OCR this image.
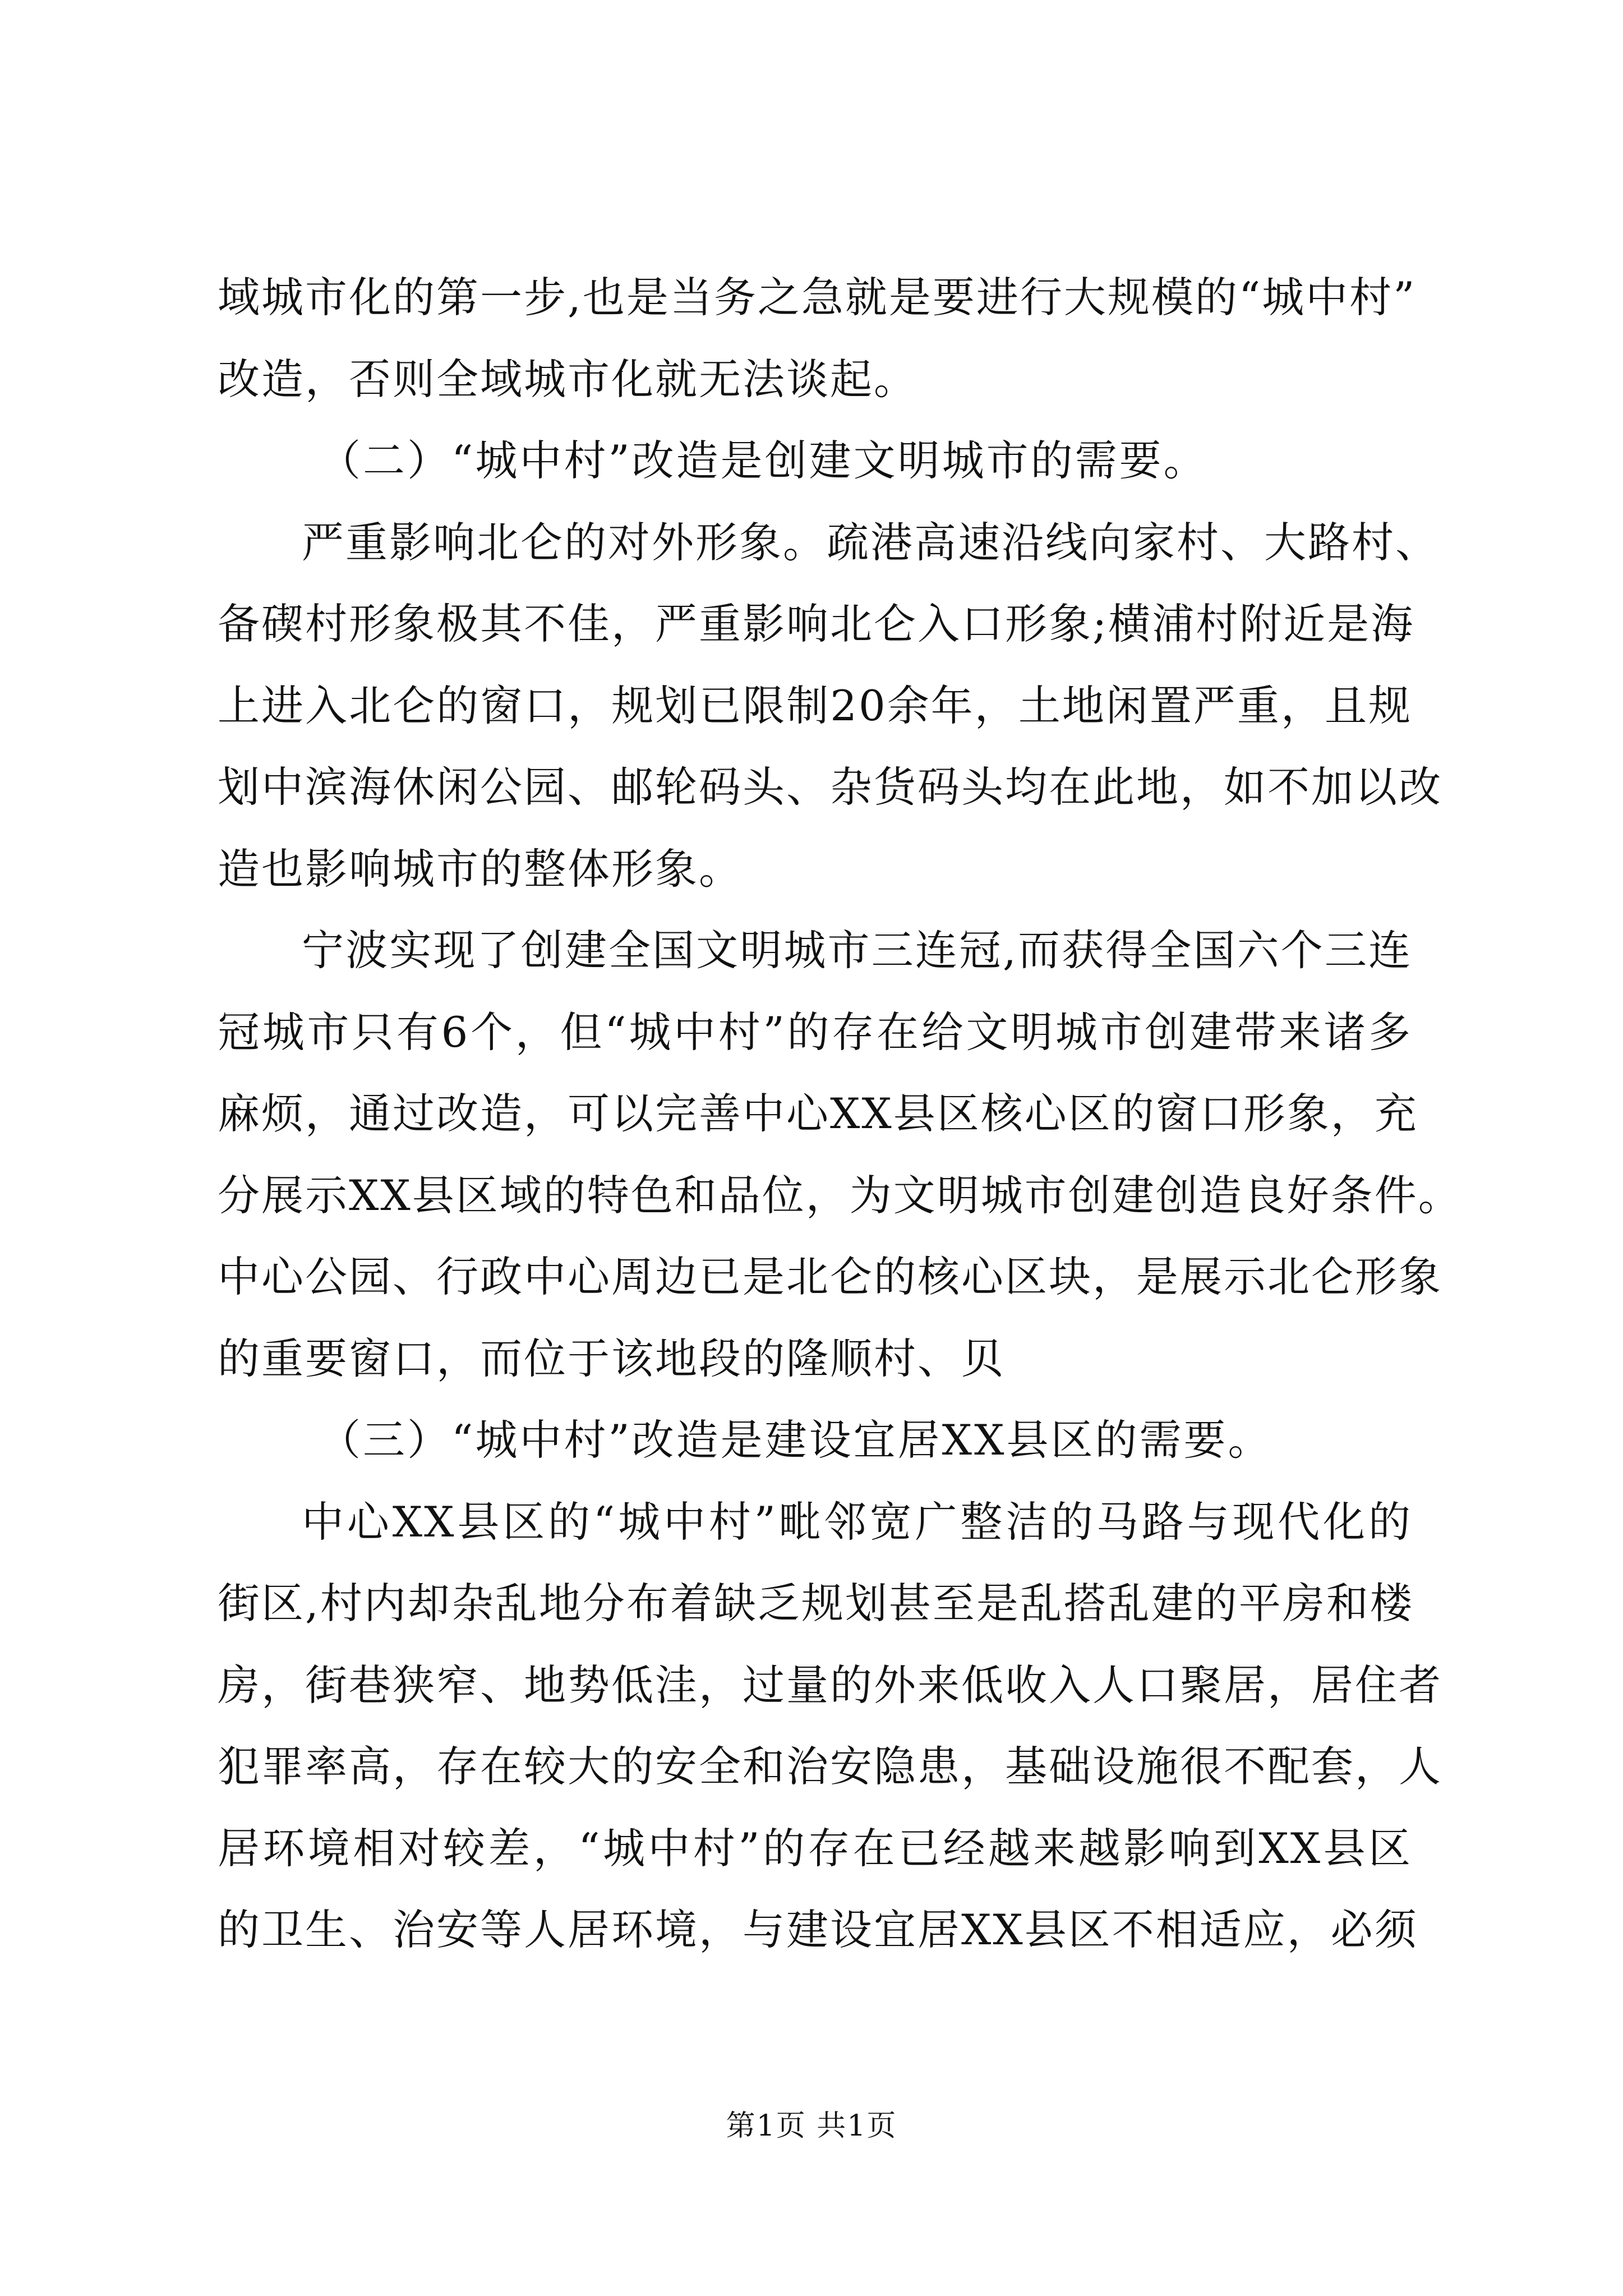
域城市化的第一步,也是当务之急就是要进行大规模的“城中村”
改造，否则全域城市化就无法谈起。
（二）“城中村”改造是创建文明城市的需要。
严重影响北仑的对外形象。疏港高速沿线向家村、大路村、
备碶村形象极其不佳，严重影响北仑入口形象;横浦村附近是海
上进入北仑的窗口，规划已限制20余年，土地闲置严重，且规
划中滨海休闲公园、邮轮码头、杂货码头均在此地，如不加以改
造也影响城市的整体形象。
宁波实现了创建全国文明城市三连冠,而获得全国六个三连
冠城市只有6个，但“城中村”的存在给文明城市创建带来诸多
麻烦，通过改造，可以完善中心XX县区核心区的窗口形象，充
分展示XX县区域的特色和品位，为文明城市创建创造良好条件。
中心公园、行政中心周边已是北仑的核心区块，是展示北仑形象
的重要窗口，而位于该地段的隆顺村、贝
（三）“城中村”改造是建设宜居XX县区的需要。
中心XX县区的“城中村”毗邻宽广整洁的马路与现代化的
街区,村内却杂乱地分布着缺乏规划甚至是乱搭乱建的平房和楼
房，街巷狭窄、地势低洼，过量的外来低收入人口聚居，居住者
犯罪率高，存在较大的安全和治安隐患，基础设施很不配套，人
居环境相对较差，“城中村”的存在已经越来越影响到XX县区
的卫生、治安等人居环境，与建设宜居XX县区不相适应，必须
第1页 共1页
